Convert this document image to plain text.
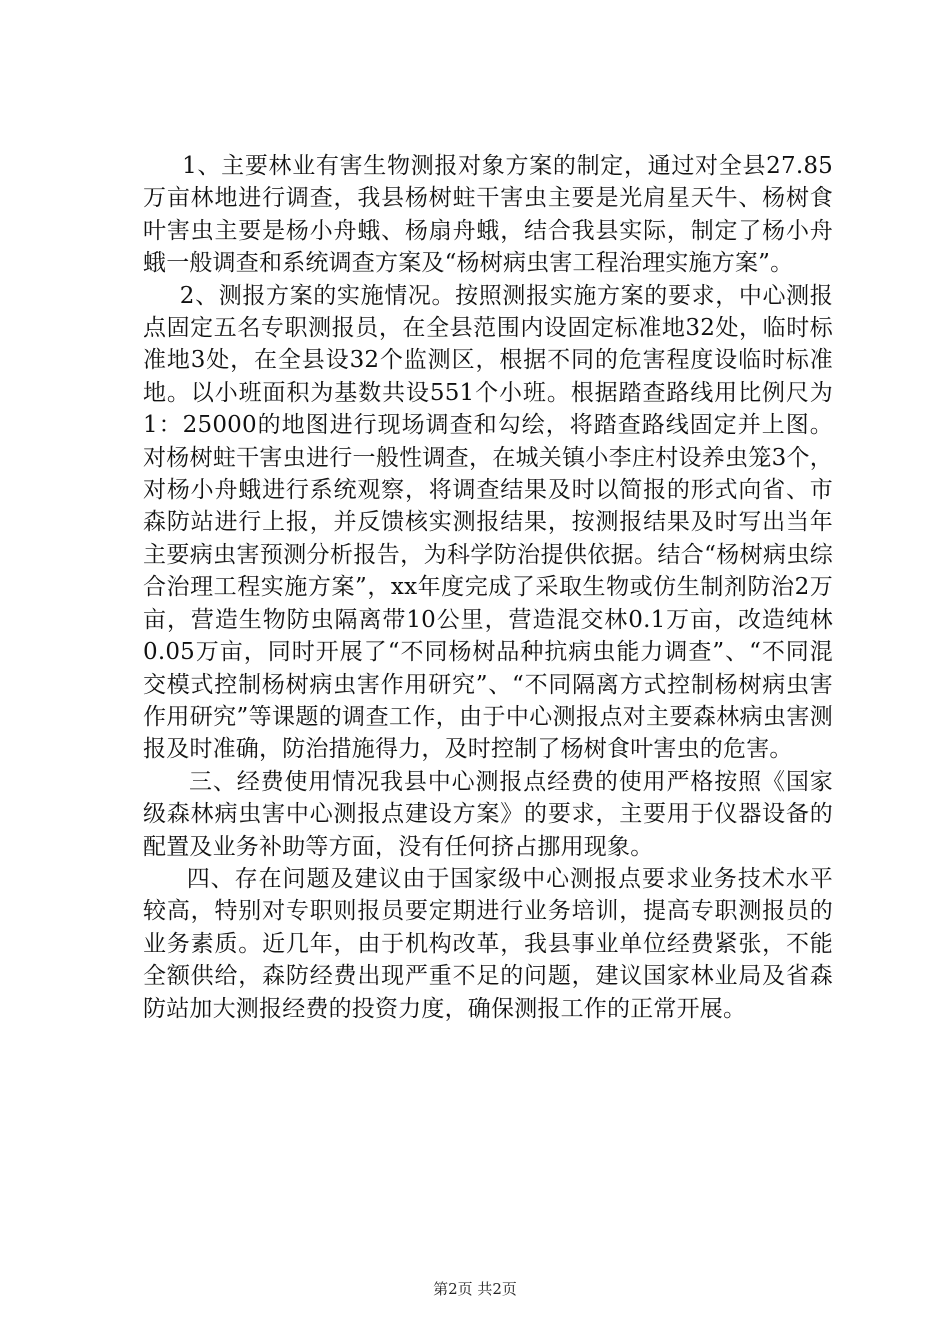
1、主要林业有害生物测报对象方案的制定，通过对全县27.85万亩林地进行调查，我县杨树蛀干害虫主要是光肩星天牛、杨树食叶害虫主要是杨小舟蛾、杨扇舟蛾，结合我县实际，制定了杨小舟蛾一般调查和系统调查方案及“杨树病虫害工程治理实施方案”。

2、测报方案的实施情况。按照测报实施方案的要求，中心测报点固定五名专职测报员，在全县范围内设固定标准地32处，临时标准地3处，在全县设32个监测区，根据不同的危害程度设临时标准地。以小班面积为基数共设551个小班。根据踏查路线用比例尺为1：25000的地图进行现场调查和勾绘，将踏查路线固定并上图。对杨树蛀干害虫进行一般性调查，在城关镇小李庄村设养虫笼3个，对杨小舟蛾进行系统观察，将调查结果及时以简报的形式向省、市森防站进行上报，并反馈核实测报结果，按测报结果及时写出当年主要病虫害预测分析报告，为科学防治提供依据。结合“杨树病虫综合治理工程实施方案”，xx年度完成了采取生物或仿生制剂防治2万亩，营造生物防虫隔离带10公里，营造混交林0.1万亩，改造纯林0.05万亩，同时开展了“不同杨树品种抗病虫能力调查”、“不同混交模式控制杨树病虫害作用研究”、“不同隔离方式控制杨树病虫害作用研究”等课题的调查工作，由于中心测报点对主要森林病虫害测报及时准确，防治措施得力，及时控制了杨树食叶害虫的危害。

三、经费使用情况我县中心测报点经费的使用严格按照《国家级森林病虫害中心测报点建设方案》的要求，主要用于仪器设备的配置及业务补助等方面，没有任何挤占挪用现象。

四、存在问题及建议由于国家级中心测报点要求业务技术水平较高，特别对专职则报员要定期进行业务培训，提高专职测报员的业务素质。近几年，由于机构改革，我县事业单位经费紧张，不能全额供给，森防经费出现严重不足的问题，建议国家林业局及省森防站加大测报经费的投资力度，确保测报工作的正常开展。

第2页 共2页
